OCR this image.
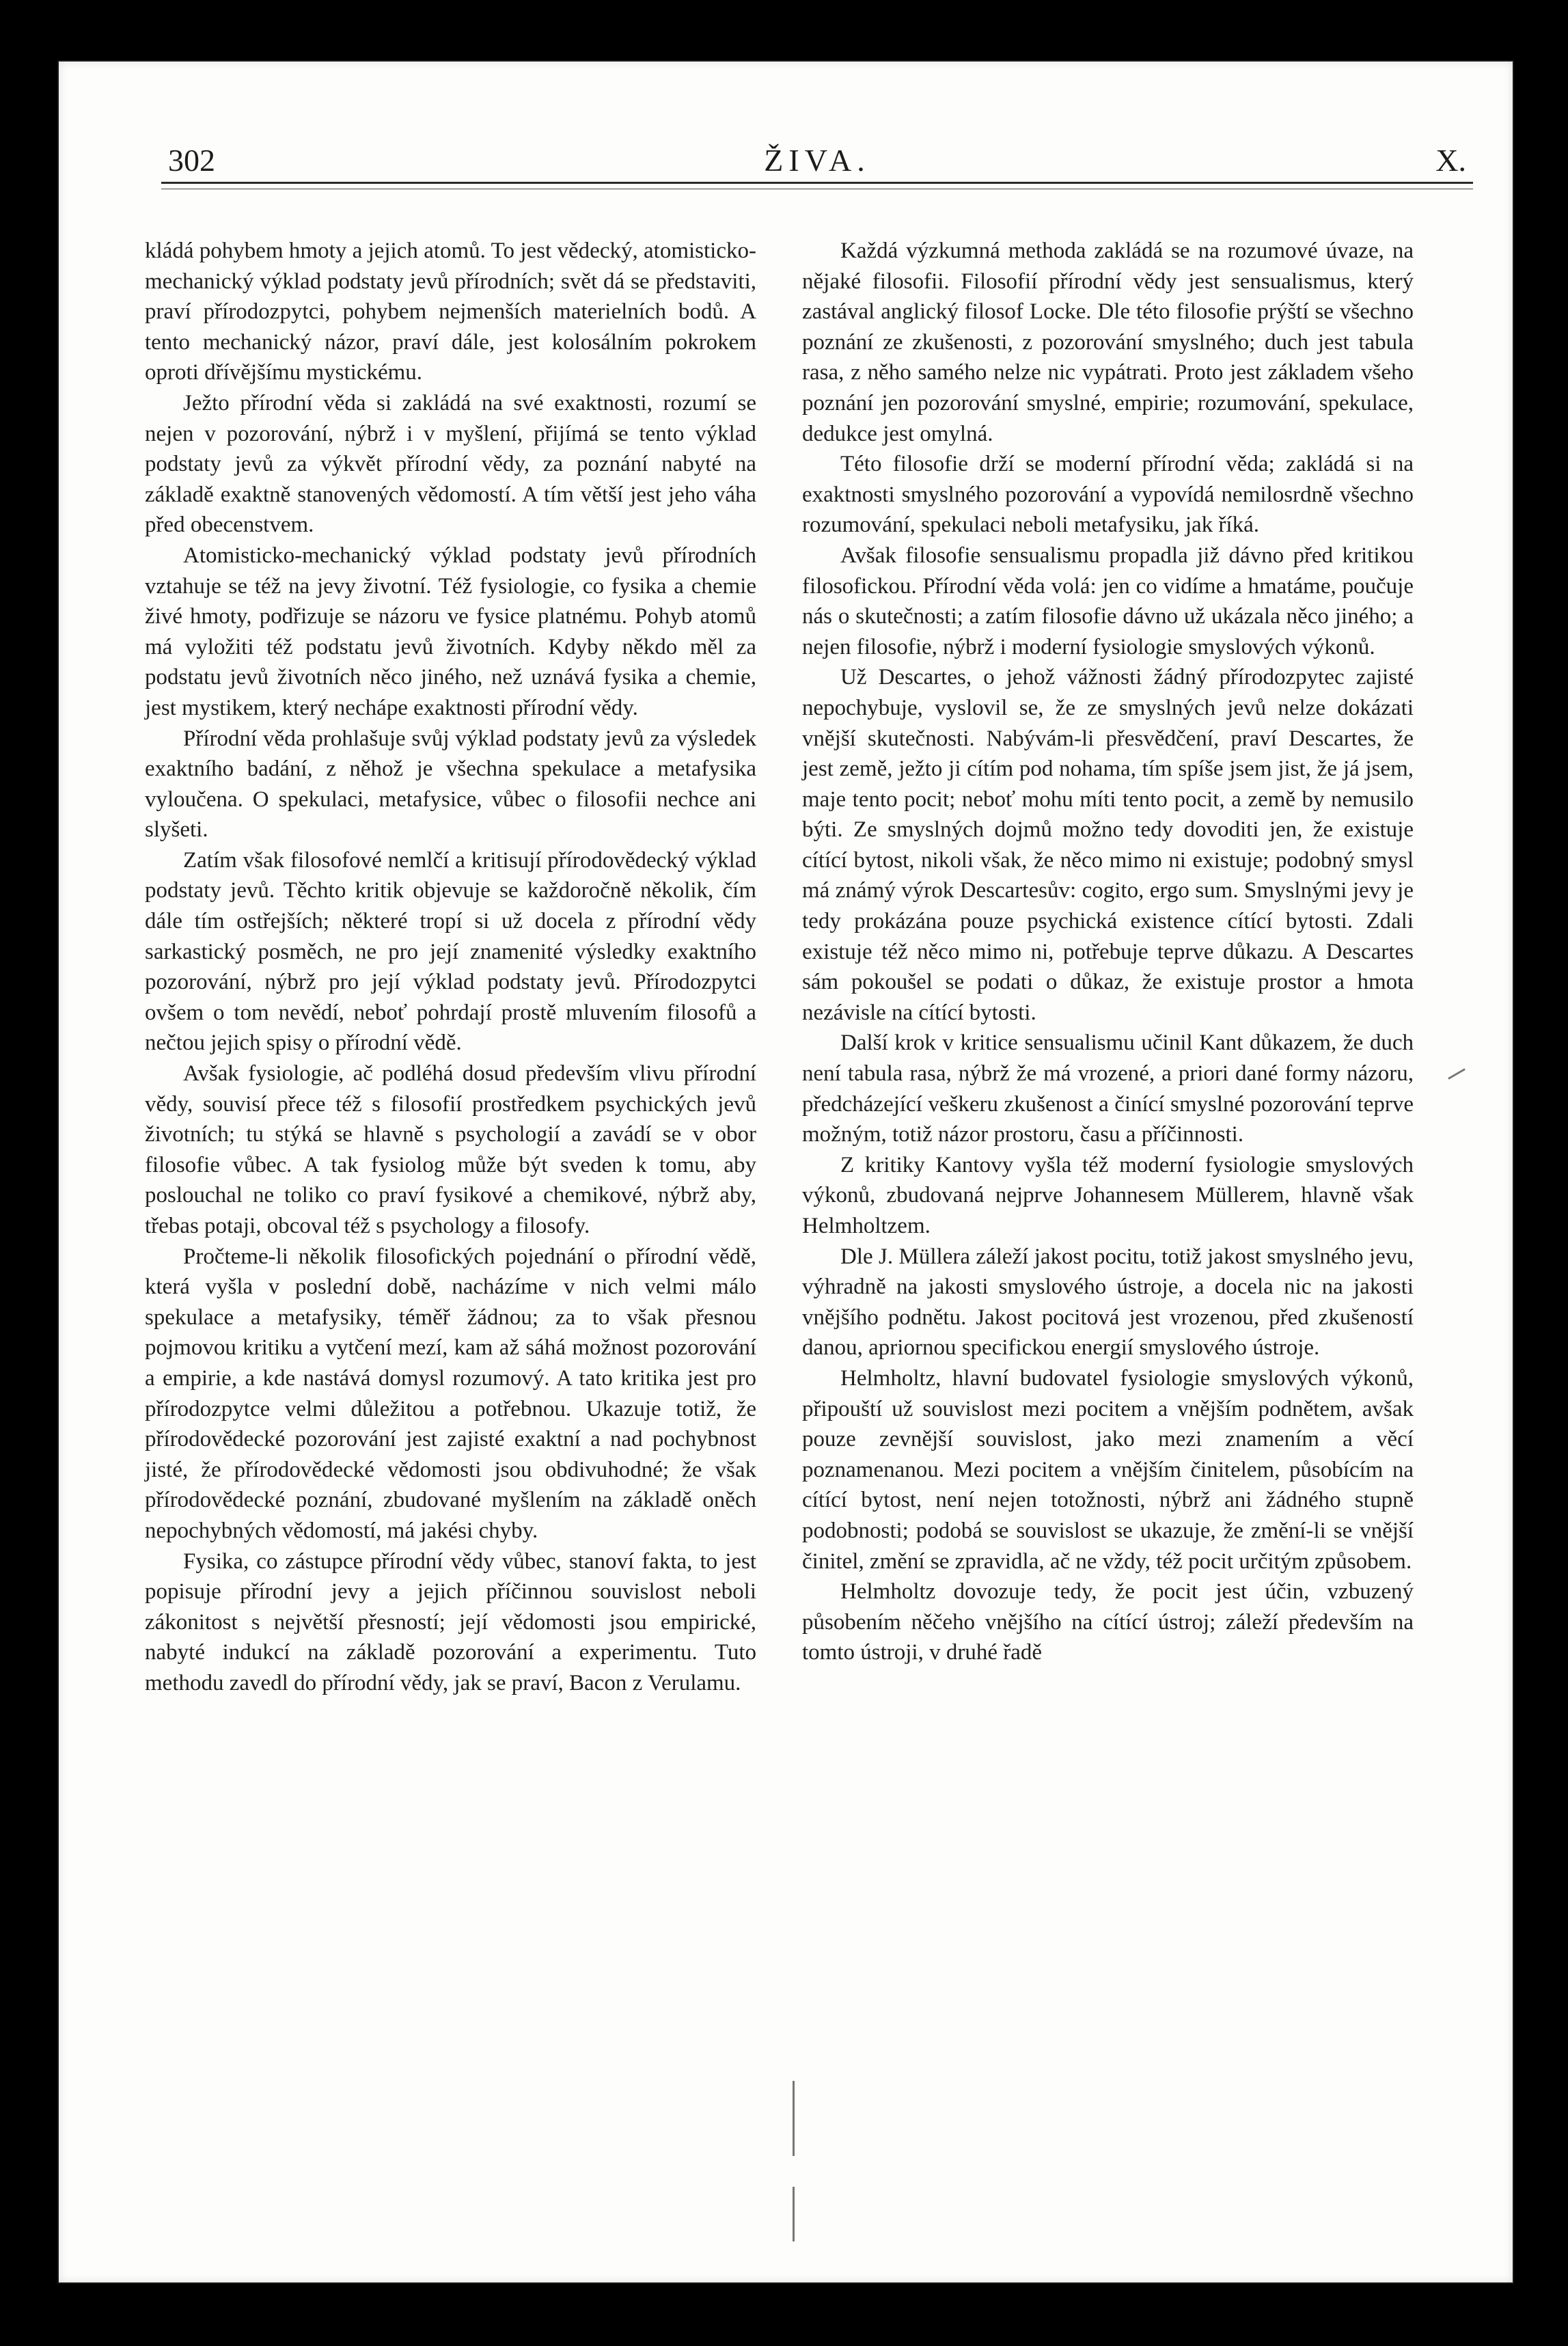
302	ŽIVA.	X.

kládá pohybem hmoty a jejich atomů. To jest vědecký, atomisticko-mechanický výklad podstaty jevů přírodních; svět dá se představiti, praví přírodozpytci, pohybem nejmenších materielních bodů. A tento mechanický názor, praví dále, jest kolosálním pokrokem oproti dřívějšímu mystickému.

Ježto přírodní věda si zakládá na své exaktnosti, rozumí se nejen v pozorování, nýbrž i v myšlení, přijímá se tento výklad podstaty jevů za výkvět přírodní vědy, za poznání nabyté na základě exaktně stanovených vědomostí. A tím větší jest jeho váha před obecenstvem.

Atomisticko-mechanický výklad podstaty jevů přírodních vztahuje se též na jevy životní. Též fysiologie, co fysika a chemie živé hmoty, podřizuje se názoru ve fysice platnému. Pohyb atomů má vyložiti též podstatu jevů životních. Kdyby někdo měl za podstatu jevů životních něco jiného, než uznává fysika a chemie, jest mystikem, který nechápe exaktnosti přírodní vědy.

Přírodní věda prohlašuje svůj výklad podstaty jevů za výsledek exaktního badání, z něhož je všechna spekulace a metafysika vyloučena. O spekulaci, metafysice, vůbec o filosofii nechce ani slyšeti.

Zatím však filosofové nemlčí a kritisují přírodovědecký výklad podstaty jevů. Těchto kritik objevuje se každoročně několik, čím dále tím ostřejších; některé tropí si už docela z přírodní vědy sarkastický posměch, ne pro její znamenité výsledky exaktního pozorování, nýbrž pro její výklad podstaty jevů. Přírodozpytci ovšem o tom nevědí, neboť pohrdají prostě mluvením filosofů a nečtou jejich spisy o přírodní vědě.

Avšak fysiologie, ač podléhá dosud především vlivu přírodní vědy, souvisí přece též s filosofií prostředkem psychických jevů životních; tu stýká se hlavně s psychologií a zavádí se v obor filosofie vůbec. A tak fysiolog může být sveden k tomu, aby poslouchal ne toliko co praví fysikové a chemikové, nýbrž aby, třebas potaji, obcoval též s psychology a filosofy.

Pročteme-li několik filosofických pojednání o přírodní vědě, která vyšla v poslední době, nacházíme v nich velmi málo spekulace a metafysiky, téměř žádnou; za to však přesnou pojmovou kritiku a vytčení mezí, kam až sáhá možnost pozorování a empirie, a kde nastává domysl rozumový. A tato kritika jest pro přírodozpytce velmi důležitou a potřebnou. Ukazuje totiž, že přírodovědecké pozorování jest zajisté exaktní a nad pochybnost jisté, že přírodovědecké vědomosti jsou obdivuhodné; že však přírodovědecké poznání, zbudované myšlením na základě oněch nepochybných vědomostí, má jakési chyby.

Fysika, co zástupce přírodní vědy vůbec, stanoví fakta, to jest popisuje přírodní jevy a jejich příčinnou souvislost neboli zákonitost s největší přesností; její vědomosti jsou empirické, nabyté indukcí na základě pozorování a experimentu. Tuto methodu zavedl do přírodní vědy, jak se praví, Bacon z Verulamu.

Každá výzkumná methoda zakládá se na rozumové úvaze, na nějaké filosofii. Filosofií přírodní vědy jest sensualismus, který zastával anglický filosof Locke. Dle této filosofie prýští se všechno poznání ze zkušenosti, z pozorování smyslného; duch jest tabula rasa, z něho samého nelze nic vypátrati. Proto jest základem všeho poznání jen pozorování smyslné, empirie; rozumování, spekulace, dedukce jest omylná.

Této filosofie drží se moderní přírodní věda; zakládá si na exaktnosti smyslného pozorování a vypovídá nemilosrdně všechno rozumování, spekulaci neboli metafysiku, jak říká.

Avšak filosofie sensualismu propadla již dávno před kritikou filosofickou. Přírodní věda volá: jen co vidíme a hmatáme, poučuje nás o skutečnosti; a zatím filosofie dávno už ukázala něco jiného; a nejen filosofie, nýbrž i moderní fysiologie smyslových výkonů.

Už Descartes, o jehož vážnosti žádný přírodozpytec zajisté nepochybuje, vyslovil se, že ze smyslných jevů nelze dokázati vnější skutečnosti. Nabývám-li přesvědčení, praví Descartes, že jest země, ježto ji cítím pod nohama, tím spíše jsem jist, že já jsem, maje tento pocit; neboť mohu míti tento pocit, a země by nemusilo býti. Ze smyslných dojmů možno tedy dovoditi jen, že existuje cítící bytost, nikoli však, že něco mimo ni existuje; podobný smysl má známý výrok Descartesův: cogito, ergo sum. Smyslnými jevy je tedy prokázána pouze psychická existence cítící bytosti. Zdali existuje též něco mimo ni, potřebuje teprve důkazu. A Descartes sám pokoušel se podati o důkaz, že existuje prostor a hmota nezávisle na cítící bytosti.

Další krok v kritice sensualismu učinil Kant důkazem, že duch není tabula rasa, nýbrž že má vrozené, a priori dané formy názoru, předcházející veškeru zkušenost a činící smyslné pozorování teprve možným, totiž názor prostoru, času a příčinnosti.

Z kritiky Kantovy vyšla též moderní fysiologie smyslových výkonů, zbudovaná nejprve Johannesem Müllerem, hlavně však Helmholtzem.

Dle J. Müllera záleží jakost pocitu, totiž jakost smyslného jevu, výhradně na jakosti smyslového ústroje, a docela nic na jakosti vnějšího podnětu. Jakost pocitová jest vrozenou, před zkušeností danou, apriornou specifickou energií smyslového ústroje.

Helmholtz, hlavní budovatel fysiologie smyslových výkonů, připouští už souvislost mezi pocitem a vnějším podnětem, avšak pouze zevnější souvislost, jako mezi znamením a věcí poznamenanou. Mezi pocitem a vnějším činitelem, působícím na cítící bytost, není nejen totožnosti, nýbrž ani žádného stupně podobnosti; podobá se souvislost se ukazuje, že změní-li se vnější činitel, změní se zpravidla, ač ne vždy, též pocit určitým způsobem.

Helmholtz dovozuje tedy, že pocit jest účin, vzbuzený působením něčeho vnějšího na cítící ústroj; záleží především na tomto ústroji, v druhé řadě
